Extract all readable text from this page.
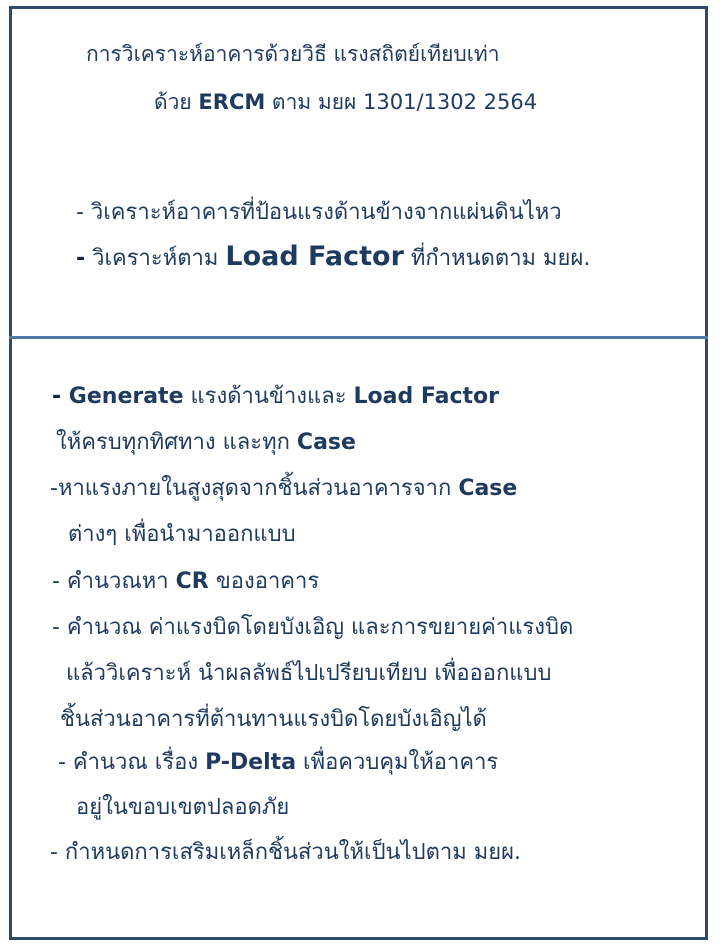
การวิเคราะห์อาคารด้วยวิธี แรงสถิตย์เทียบเท่า
ด้วย ERCM ตาม มยผ 1301/1302 2564
- วิเคราะห์อาคารที่ป้อนแรงด้านข้างจากแผ่นดินไหว
- วิเคราะห์ตาม Load Factor ที่กำหนดตาม มยผ.
- Generate แรงด้านข้างและ Load Factor
ให้ครบทุกทิศทาง และทุก Case
-หาแรงภายในสูงสุดจากชิ้นส่วนอาคารจาก Case
ต่างๆ เพื่อนำมาออกแบบ
- คำนวณหา CR ของอาคาร
- คำนวณ ค่าแรงบิดโดยบังเอิญ และการขยายค่าแรงบิด
แล้ววิเคราะห์ นำผลลัพธ์ไปเปรียบเทียบ เพื่อออกแบบ
ชิ้นส่วนอาคารที่ต้านทานแรงบิดโดยบังเอิญได้
- คำนวณ เรื่อง P-Delta เพื่อควบคุมให้อาคาร
อยู่ในขอบเขตปลอดภัย
- กำหนดการเสริมเหล็กชิ้นส่วนให้เป็นไปตาม มยผ.
